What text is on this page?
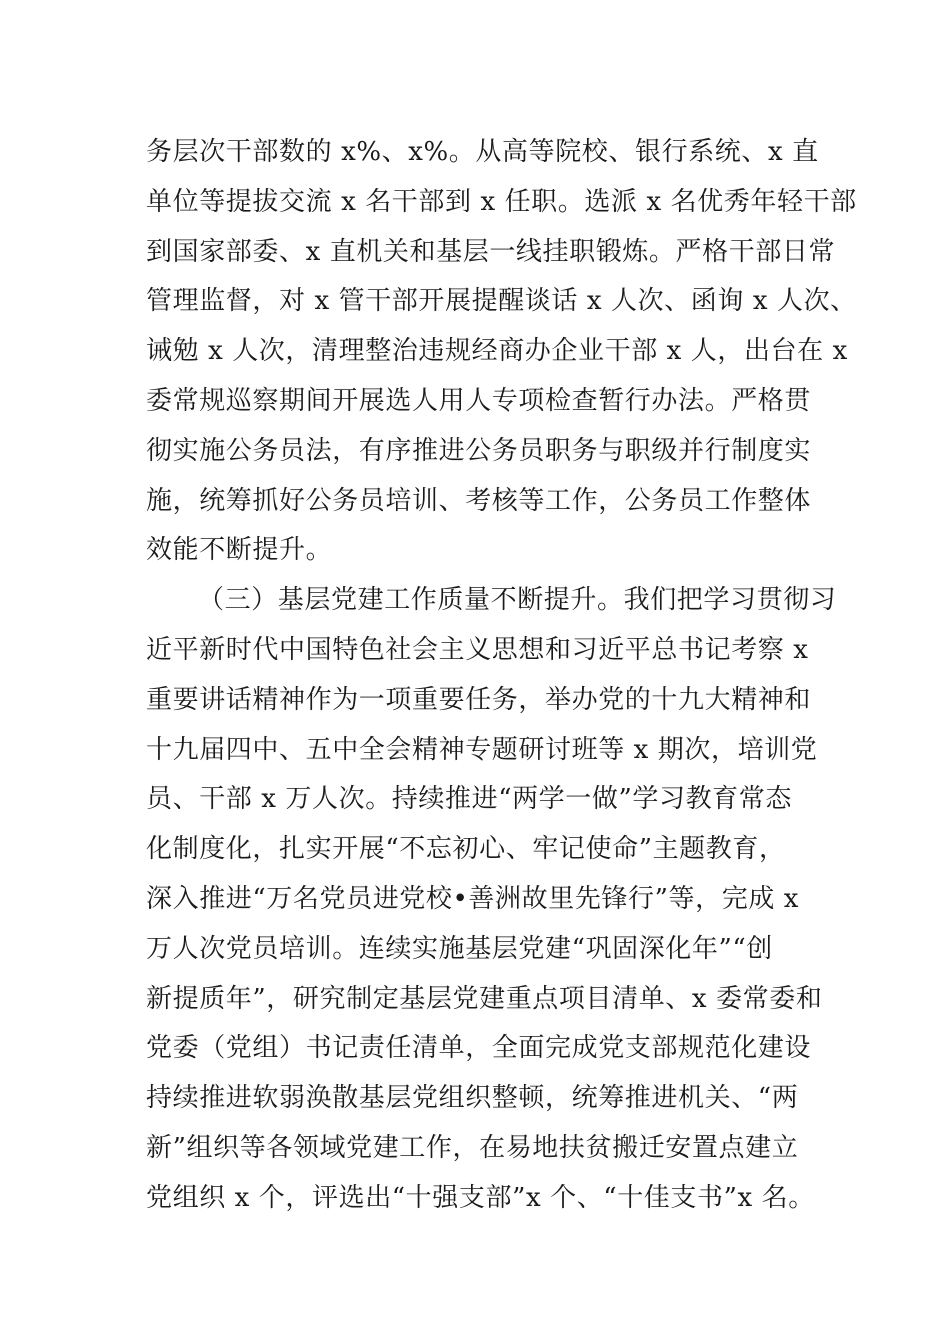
务层次干部数的 x%、x%。从高等院校、银行系统、x 直
单位等提拔交流 x 名干部到 x 任职。选派 x 名优秀年轻干部
到国家部委、x 直机关和基层一线挂职锻炼。严格干部日常
管理监督，对 x 管干部开展提醒谈话 x 人次、函询 x 人次、
诫勉 x 人次，清理整治违规经商办企业干部 x 人，出台在 x
委常规巡察期间开展选人用人专项检查暂行办法。严格贯
彻实施公务员法，有序推进公务员职务与职级并行制度实
施，统筹抓好公务员培训、考核等工作，公务员工作整体
效能不断提升。
（三）基层党建工作质量不断提升。我们把学习贯彻习
近平新时代中国特色社会主义思想和习近平总书记考察 x
重要讲话精神作为一项重要任务，举办党的十九大精神和
十九届四中、五中全会精神专题研讨班等 x 期次，培训党
员、干部 x 万人次。持续推进“两学一做”学习教育常态
化制度化，扎实开展“不忘初心、牢记使命”主题教育，
深入推进“万名党员进党校•善洲故里先锋行”等，完成 x
万人次党员培训。连续实施基层党建“巩固深化年”“创
新提质年”，研究制定基层党建重点项目清单、x 委常委和
党委（党组）书记责任清单，全面完成党支部规范化建设
持续推进软弱涣散基层党组织整顿，统筹推进机关、“两
新”组织等各领域党建工作，在易地扶贫搬迁安置点建立
党组织 x 个，评选出“十强支部”x 个、“十佳支书”x 名。
